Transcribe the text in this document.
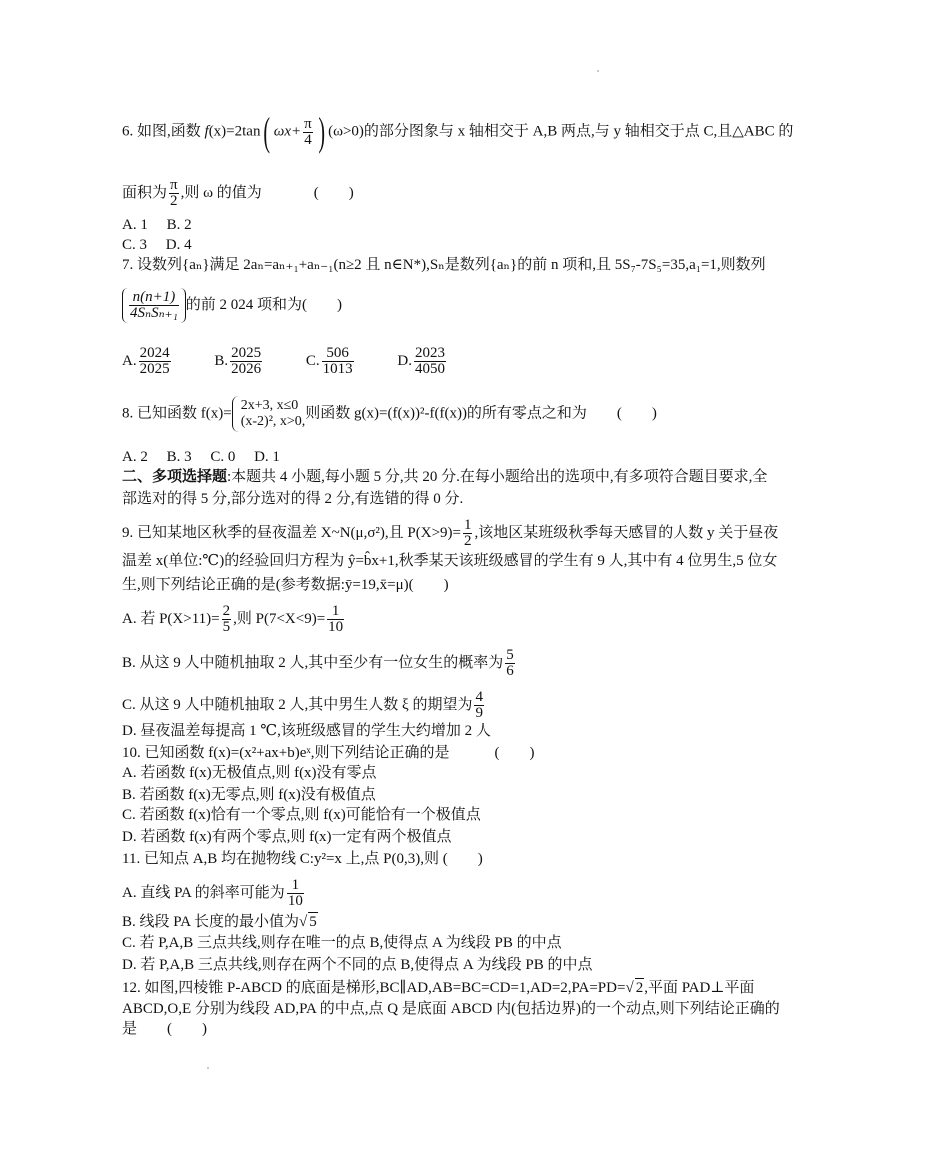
6. 如图,函数 f(x)=2tan( $\omega x+ \frac{\pi}{4}$ ) (ω>0)的部分图象与 x 轴相交于 A,B 两点,与 y 轴相交于点 C,且△ABC 的
面积为 $\frac{\pi}{2}$ ,则 ω 的值为	(　　)
A. 1　 B. 2
C. 3　 D. 4
7. 设数列{aₙ}满足 2aₙ=aₙ₊₁+aₙ₋₁(n≥2 且 n∈N*),Sₙ是数列{aₙ}的前 n 项和,且 5S₇-7S₅=35,a₁=1,则数列
$\frac{n(n+1)}{\text{4SₙSₙ₊₁}}$ 的前 2 024 项和为(　　)
A. $\frac{2024}{2025}$	B. $\frac{2025}{2026}$	C. $\frac{506}{1013}$	D. $\frac{2023}{4050}$
8. 已知函数 f(x)= 2x+3, x≤0
(x-2)², x>0,
则函数 g(x)=(f(x))²-f(f(x))的所有零点之和为　　(　　)
A. 2　 B. 3　 C. 0　 D. 1
二、多项选择题:本题共 4 小题,每小题 5 分,共 20 分.在每小题给出的选项中,有多项符合题目要求,全
部选对的得 5 分,部分选对的得 2 分,有选错的得 0 分.
9. 已知某地区秋季的昼夜温差 X~N(μ,σ²),且 $P(X>9)= \frac{1}{2}$ ,该地区某班级秋季每天感冒的人数 y 关于昼夜
温差 x(单位:℃)的经验回归方程为 ŷ=b̂x+1,秋季某天该班级感冒的学生有 9 人,其中有 4 位男生,5 位女
生,则下列结论正确的是(参考数据:ȳ=19,x̄=μ)(　　)
A. 若 $P(X>11)= \frac{2}{5}$ ,则 $P(7<X<9)= \frac{1}{10}$
B. 从这 9 人中随机抽取 2 人,其中至少有一位女生的概率为 $\frac{5}{6}$
C. 从这 9 人中随机抽取 2 人,其中男生人数 ξ 的期望为 $\frac{4}{9}$
D. 昼夜温差每提高 1 ℃,该班级感冒的学生大约增加 2 人
10. 已知函数 f(x)=(x²+ax+b)eˣ,则下列结论正确的是　　　(　　)
A. 若函数 f(x)无极值点,则 f(x)没有零点
B. 若函数 f(x)无零点,则 f(x)没有极值点
C. 若函数 f(x)恰有一个零点,则 f(x)可能恰有一个极值点
D. 若函数 f(x)有两个零点,则 f(x)一定有两个极值点
11. 已知点 A,B 均在抛物线 C:y²=x 上,点 P(0,3),则 (　　)
A. 直线 PA 的斜率可能为 $\frac{1}{10}$
B. 线段 PA 长度的最小值为√ 5
C. 若 P,A,B 三点共线,则存在唯一的点 B,使得点 A 为线段 PB 的中点
D. 若 P,A,B 三点共线,则存在两个不同的点 B,使得点 A 为线段 PB 的中点
12. 如图,四棱锥 P-ABCD 的底面是梯形,BC∥AD,AB=BC=CD=1,AD=2,PA=PD=√ 2,平面 PAD⊥平面
ABCD,O,E 分别为线段 AD,PA 的中点,点 Q 是底面 ABCD 内(包括边界)的一个动点,则下列结论正确的
是　　(　　)
